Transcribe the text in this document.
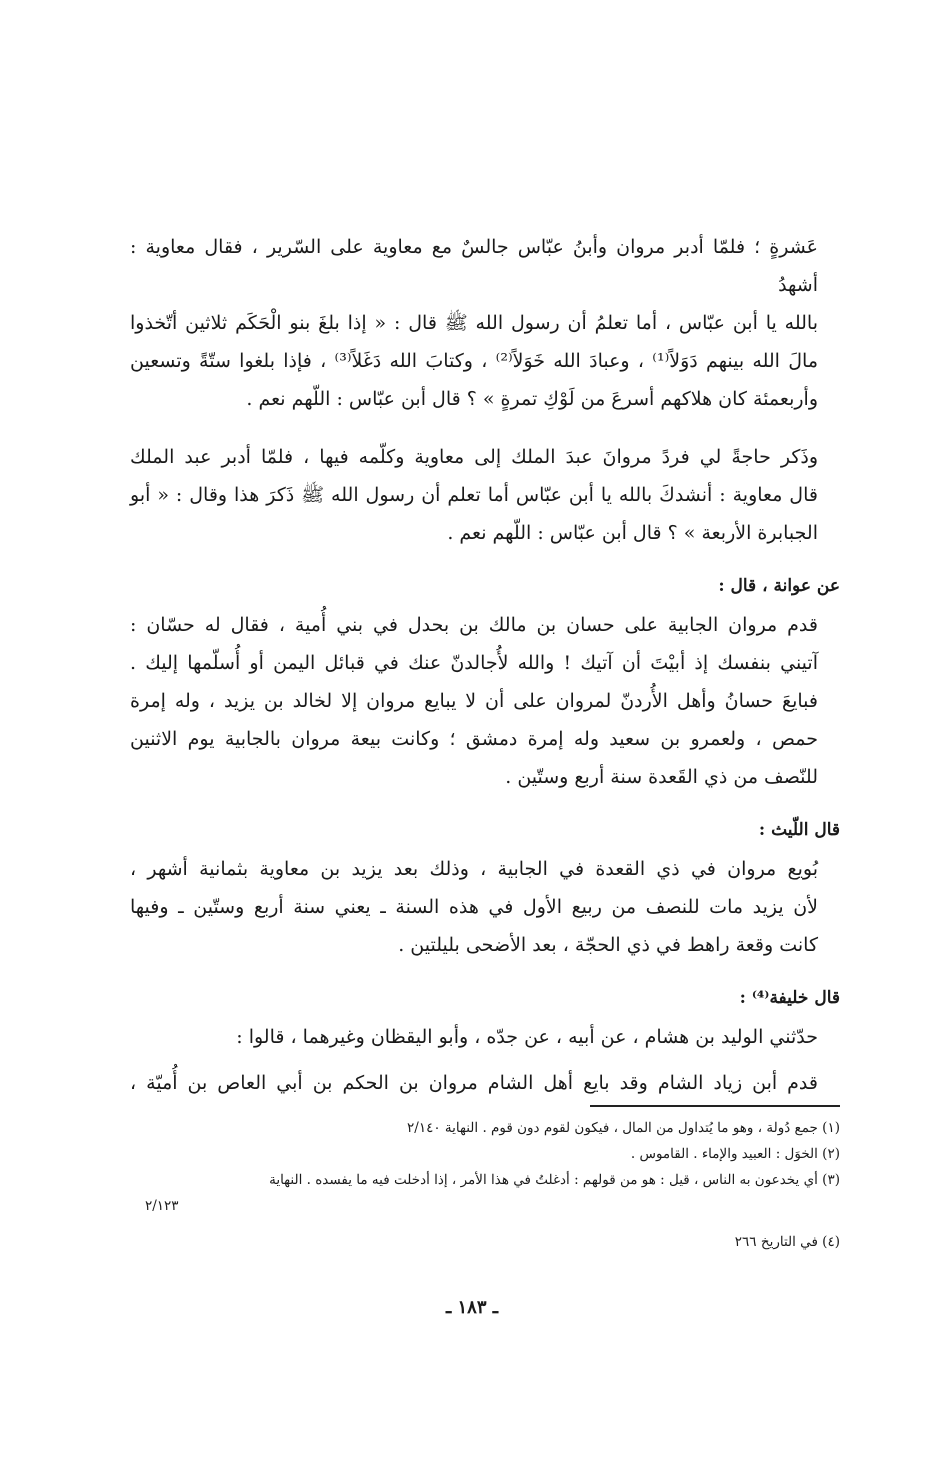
عَشرةٍ ؛ فلمّا أدبر مروان وأبنُ عبّاس جالسٌ مع معاوية على السّرير ، فقال معاوية : أشهدُ
بالله يا أبن عبّاس ، أما تعلمُ أن رسول الله ﷺ قال : « إذا بلغَ بنو الْحَكَم ثلاثين أتّخذوا
مالَ الله بينهم دَوَلاً⁽¹⁾ ، وعبادَ الله خَوَلاً⁽²⁾ ، وكتابَ الله دَغَلاً⁽³⁾ ، فإذا بلغوا ستّةً وتسعين
وأربعمئة كان هلاكهم أسرعَ من لَوْكِ تمرةٍ » ؟ قال أبن عبّاس : اللّهم نعم .

وذَكر حاجةً لي فردً مروانَ عبدَ الملك إلى معاوية وكلّمه فيها ، فلمّا أدبر عبد الملك
قال معاوية : أنشدكَ بالله يا أبن عبّاس أما تعلم أن رسول الله ﷺ ذَكرَ هذا وقال : « أبو
الجبابرة الأربعة » ؟ قال أبن عبّاس : اللّهم نعم .

عن عوانة ، قال :

قدم مروان الجابية على حسان بن مالك بن بحدل في بني أُمية ، فقال له حسّان :
آتيني بنفسك إذ أبيْتَ أن آتيك ! والله لأُجالدنّ عنك في قبائل اليمن أو أُسلّمها إليك .
فبايعَ حسانُ وأهل الأُردنّ لمروان على أن لا يبايع مروان إلا لخالد بن يزيد ، وله إمرة
حمص ، ولعمرو بن سعيد وله إمرة دمشق ؛ وكانت بيعة مروان بالجابية يوم الاثنين
للنّصف من ذي القَعدة سنة أربع وستّين .

قال اللّيث :

بُويع مروان في ذي القعدة في الجابية ، وذلك بعد يزيد بن معاوية بثمانية أشهر ،
لأن يزيد مات للنصف من ربيع الأول في هذه السنة ـ يعني سنة أربع وستّين ـ وفيها
كانت وقعة راهط في ذي الحجّة ، بعد الأضحى بليلتين .

قال خليفة⁽⁴⁾ :

حدّثني الوليد بن هشام ، عن أبيه ، عن جدّه ، وأبو اليقظان وغيرهما ، قالوا :

قدم أبن زياد الشام وقد بايع أهل الشام مروان بن الحكم بن أبي العاص بن أُميّة ،

(١) جمع دُولة ، وهو ما يُتداول من المال ، فيكون لقوم دون قوم . النهاية ٢/١٤٠
(٢) الخوَل : العبيد والإماء . القاموس .
(٣) أي يخدعون به الناس ، قيل : هو من قولهم : أدغلتُ في هذا الأمر ، إذا أدخلت فيه ما يفسده . النهاية
٢/١٢٣
(٤) في التاريخ ٢٦٦
ـ ١٨٣ ـ
